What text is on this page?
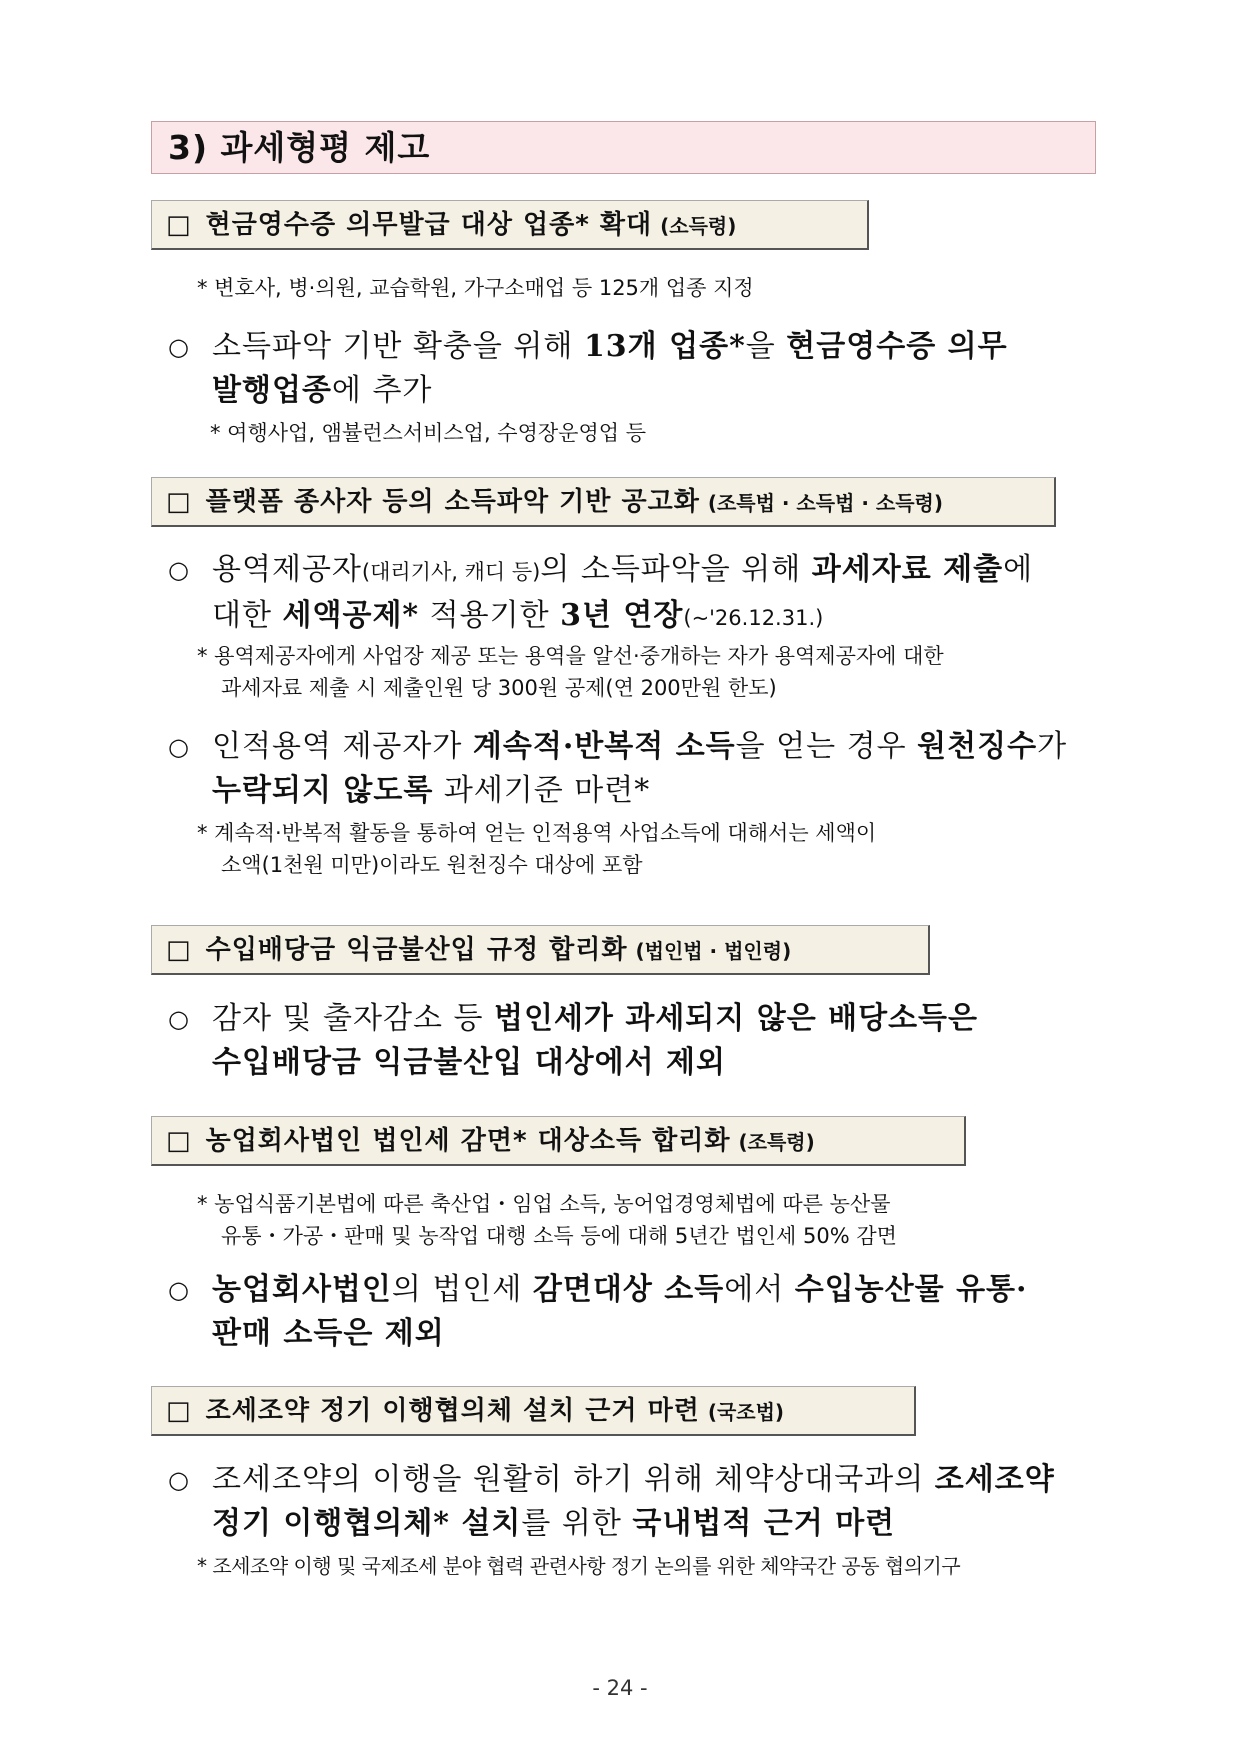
3) 과세형평 제고
□ 현금영수증 의무발급 대상 업종* 확대 (소득령)
* 변호사, 병·의원, 교습학원, 가구소매업 등 125개 업종 지정
○ 소득파악 기반 확충을 위해 13개 업종*을 현금영수증 의무
발행업종에 추가
* 여행사업, 앰뷸런스서비스업, 수영장운영업 등
□ 플랫폼 종사자 등의 소득파악 기반 공고화 (조특법 · 소득법 · 소득령)
○ 용역제공자(대리기사, 캐디 등)의 소득파악을 위해 과세자료 제출에
대한 세액공제* 적용기한 3년 연장(~'26.12.31.)
* 용역제공자에게 사업장 제공 또는 용역을 알선·중개하는 자가 용역제공자에 대한
과세자료 제출 시 제출인원 당 300원 공제(연 200만원 한도)
○ 인적용역 제공자가 계속적·반복적 소득을 얻는 경우 원천징수가
누락되지 않도록 과세기준 마련*
* 계속적·반복적 활동을 통하여 얻는 인적용역 사업소득에 대해서는 세액이
소액(1천원 미만)이라도 원천징수 대상에 포함
□ 수입배당금 익금불산입 규정 합리화 (법인법 · 법인령)
○ 감자 및 출자감소 등 법인세가 과세되지 않은 배당소득은
수입배당금 익금불산입 대상에서 제외
□ 농업회사법인 법인세 감면* 대상소득 합리화 (조특령)
* 농업식품기본법에 따른 축산업・임업 소득, 농어업경영체법에 따른 농산물
유통・가공・판매 및 농작업 대행 소득 등에 대해 5년간 법인세 50% 감면
○ 농업회사법인의 법인세 감면대상 소득에서 수입농산물 유통·
판매 소득은 제외
□ 조세조약 정기 이행협의체 설치 근거 마련 (국조법)
○ 조세조약의 이행을 원활히 하기 위해 체약상대국과의 조세조약
정기 이행협의체* 설치를 위한 국내법적 근거 마련
* 조세조약 이행 및 국제조세 분야 협력 관련사항 정기 논의를 위한 체약국간 공동 협의기구
- 24 -
